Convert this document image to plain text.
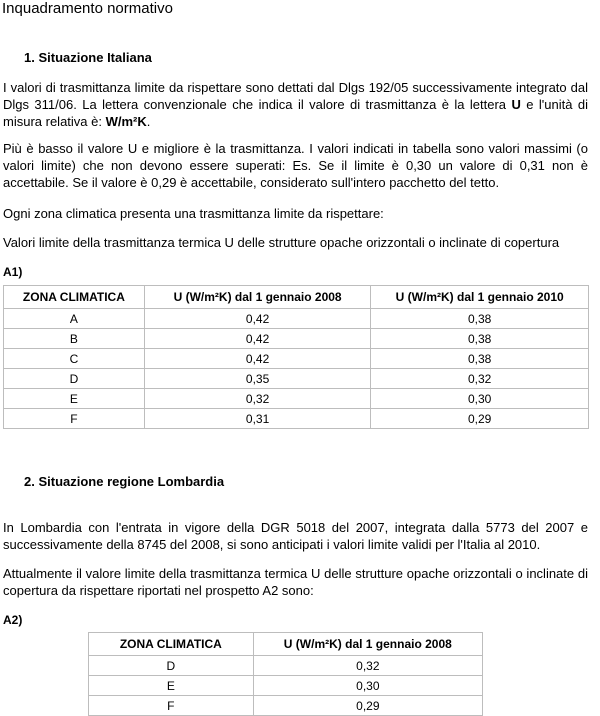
Inquadramento normativo
1. Situazione Italiana
I valori di trasmittanza limite da rispettare sono dettati dal Dlgs 192/05 successivamente integrato dal Dlgs 311/06. La lettera convenzionale che indica il valore di trasmittanza è la lettera U e l'unità di misura relativa è: W/m²K.
Più è basso il valore U e migliore è la trasmittanza. I valori indicati in tabella sono valori massimi (o valori limite) che non devono essere superati: Es. Se il limite è 0,30 un valore di 0,31 non è accettabile. Se il valore è 0,29 è accettabile, considerato sull'intero pacchetto del tetto.
Ogni zona climatica presenta una trasmittanza limite da rispettare:
Valori limite della trasmittanza termica U delle strutture opache orizzontali o inclinate di copertura
A1)
ZONA CLIMATICA	U (W/m²K) dal 1 gennaio 2008	U (W/m²K) dal 1 gennaio 2010
A	0,42	0,38
B	0,42	0,38
C	0,42	0,38
D	0,35	0,32
E	0,32	0,30
F	0,31	0,29
2. Situazione regione Lombardia
In Lombardia con l'entrata in vigore della DGR 5018 del 2007, integrata dalla 5773 del 2007 e successivamente della 8745 del 2008, si sono anticipati i valori limite validi per l'Italia al 2010.
Attualmente il valore limite della trasmittanza termica U delle strutture opache orizzontali o inclinate di copertura da rispettare riportati nel prospetto A2 sono:
A2)
ZONA CLIMATICA	U (W/m²K) dal 1 gennaio 2008
D	0,32
E	0,30
F	0,29
